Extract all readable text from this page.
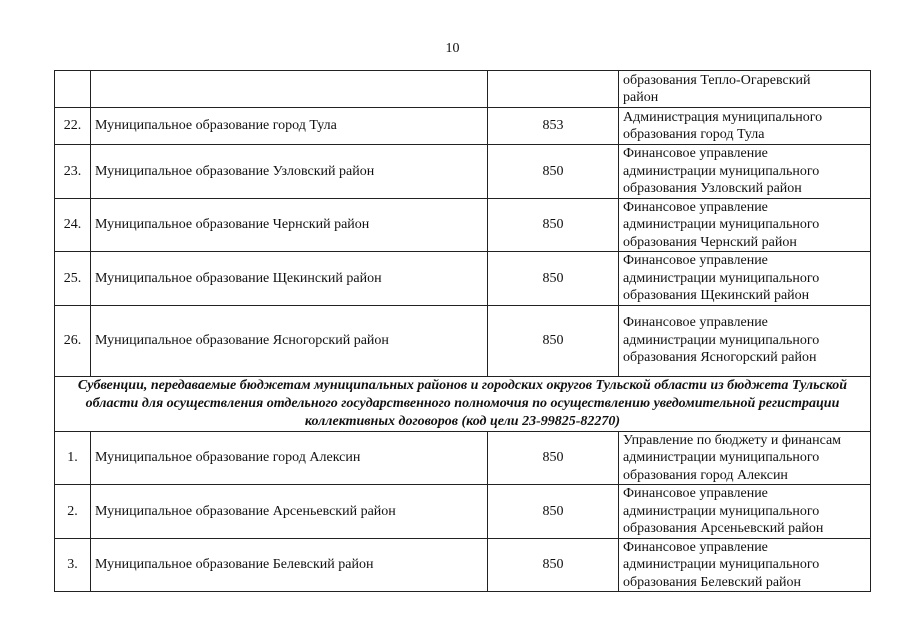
10

			образования Тепло-Огаревский
район

22.	Муниципальное образование город Тула	853	Администрация муниципального
образования город Тула

23.	Муниципальное образование Узловский район	850	Финансовое управление
администрации муниципального
образования Узловский район

24.	Муниципальное образование Чернский район	850	Финансовое управление
администрации муниципального
образования Чернский район

25.	Муниципальное образование Щекинский район	850	Финансовое управление
администрации муниципального
образования Щекинский район

26.	Муниципальное образование Ясногорский район	850	Финансовое управление
администрации муниципального
образования Ясногорский район

Субвенции, передаваемые бюджетам муниципальных районов и городских округов Тульской области из бюджета Тульской области для осуществления отдельного государственного полномочия по осуществлению уведомительной регистрации коллективных договоров (код цели 23-99825-82270)			
1.	Муниципальное образование город Алексин	850	Управление по бюджету и финансам
администрации муниципального
образования город Алексин

2.	Муниципальное образование Арсеньевский район	850	Финансовое управление
администрации муниципального
образования Арсеньевский район

3.	Муниципальное образование Белевский район	850	Финансовое управление
администрации муниципального
образования Белевский район
